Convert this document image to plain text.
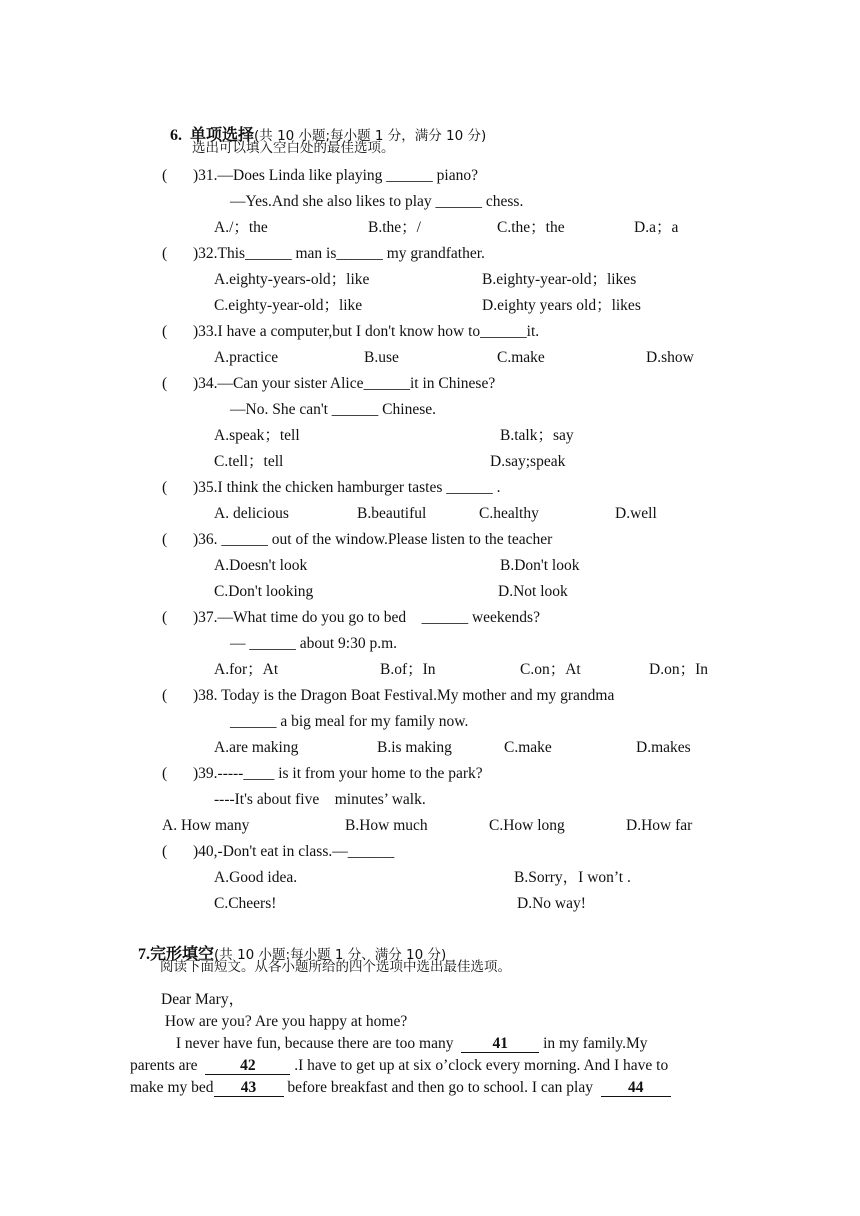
6. 单项选择(共 10 小题;每小题 1 分，满分 10 分)

选出可以填入空白处的最佳选项。
( )31.—Does Linda like playing ______ piano?
—Yes.And she also likes to play ______ chess.
A./；the	B.the；/	C.the；the	D.a；a
( )32.This______ man is______ my grandfather.
A.eighty-years-old；like	B.eighty-year-old；likes
C.eighty-year-old；like	D.eighty years old；likes
( )33.I have a computer,but I don't know how to______it.
A.practice	B.use	C.make	D.show
( )34.—Can your sister Alice______it in Chinese?
—No. She can't ______ Chinese.
A.speak；tell	B.talk；say
C.tell；tell	D.say;speak
( )35.I think the chicken hamburger tastes ______ .
A. delicious	B.beautiful	C.healthy	D.well
( )36. ______ out of the window.Please listen to the teacher
A.Doesn't look	B.Don't look
C.Don't looking	D.Not look
( )37.—What time do you go to bed    ______ weekends?
— ______ about 9:30 p.m.
A.for；At	B.of；In	C.on；At	D.on；In
( )38. Today is the Dragon Boat Festival.My mother and my grandma
______ a big meal for my family now.
A.are making	B.is making	C.make	D.makes
( )39.-----____ is it from your home to the park?
----It's about five    minutes’ walk.
A. How many	B.How much	C.How long	D.How far
( )40,-Don't eat in class.—______
A.Good idea.	B.Sorry，I won’t .
C.Cheers!	D.No way!

7.完形填空(共 10 小题:每小题 1 分、满分 10 分)

阅读下面短文。从各小题所给的四个选项中选出最佳选项。
Dear Mary，
How are you? Are you happy at home?
I never have fun, because there are too many  41 in my family.My
parents are  42 .I have to get up at six o’clock every morning. And I have to
make my bed 43 before breakfast and then go to school. I can play  44
